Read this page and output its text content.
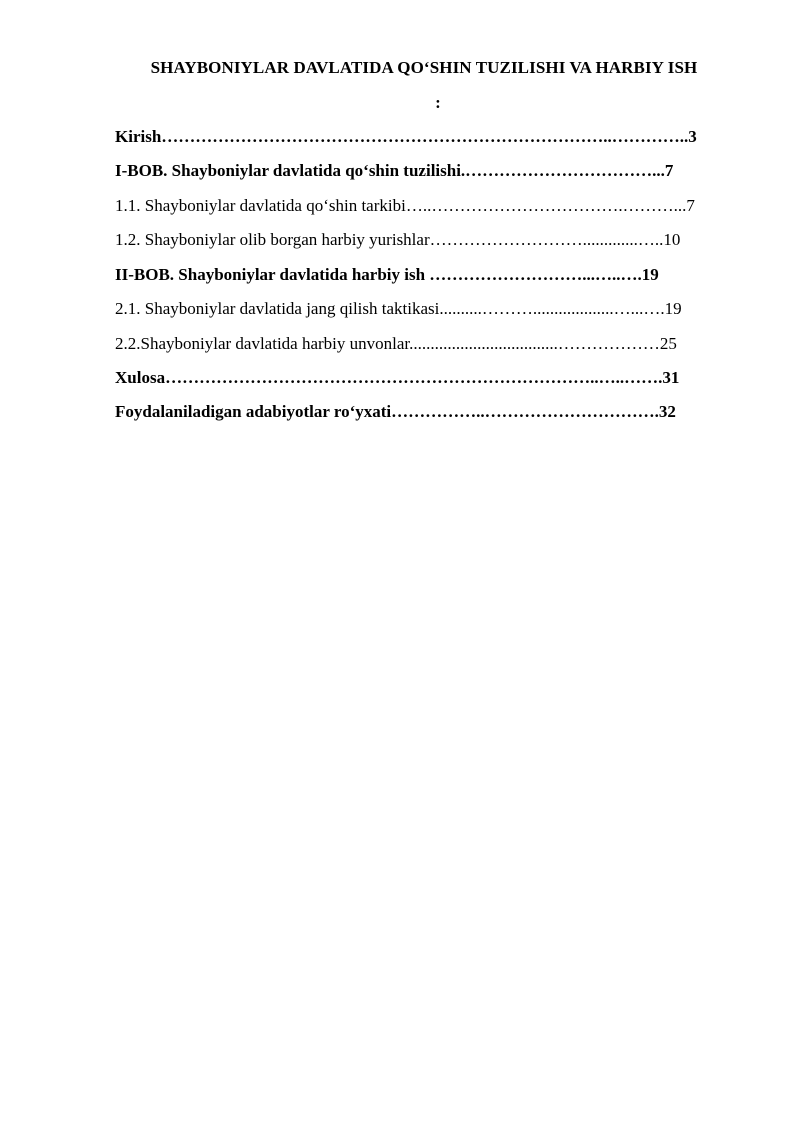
SHAYBONIYLAR DAVLATIDA QO‘SHIN TUZILISHI VA HARBIY ISH
:
Kirish……………………………………………………………………..…………..3
I-BOB. Shayboniylar davlatida qo‘shin tuzilishi.……………………………...7
1.1. Shayboniylar davlatida qo‘shin tarkibi…..…………………………….………...7
1.2. Shayboniylar olib borgan harbiy yurishlar……………………….............…..10
II-BOB. Shayboniylar davlatida harbiy ish ………………………...…..….19
2.1. Shayboniylar davlatida jang qilish taktikasi..........………...................…...….19
2.2.Shayboniylar davlatida harbiy unvonlar...................................………………25
Xulosa…………………………………………………………………..…..…….31
Foydalaniladigan adabiyotlar ro‘yxati……………..………………………….32
